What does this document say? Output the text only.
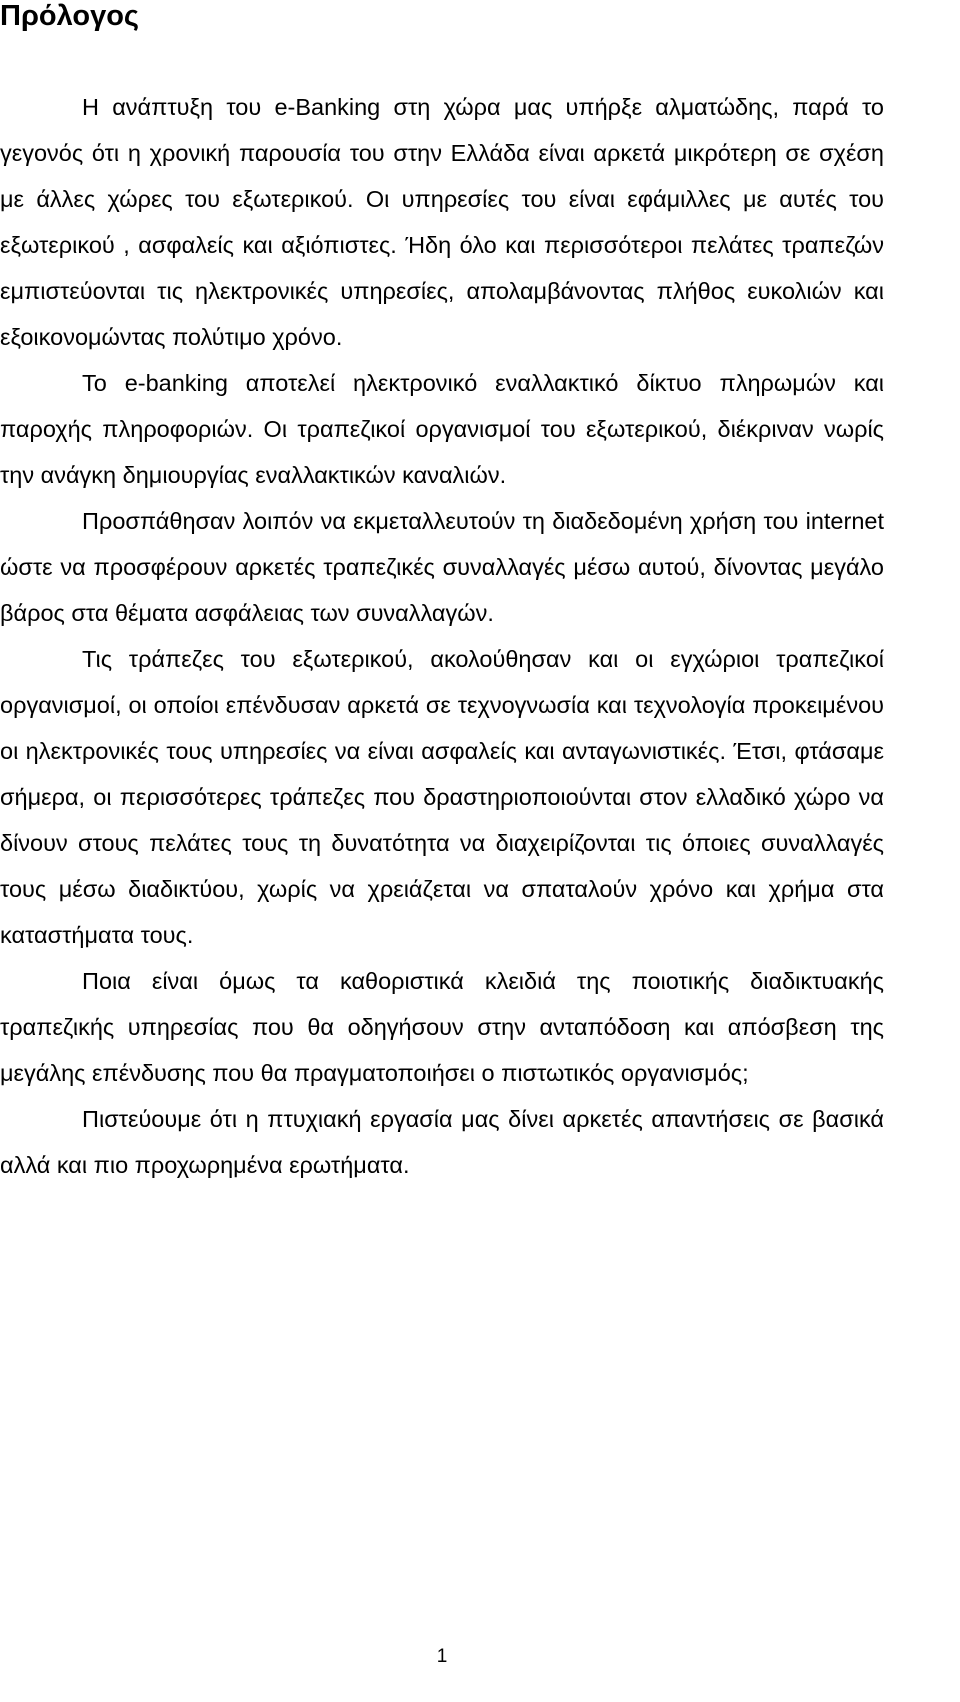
Πρόλογος

Η ανάπτυξη του e-Banking στη χώρα μας υπήρξε αλματώδης, παρά το γεγονός ότι η χρονική παρουσία του στην Ελλάδα είναι αρκετά μικρότερη σε σχέση με άλλες χώρες του εξωτερικού. Οι υπηρεσίες του είναι εφάμιλλες με αυτές του εξωτερικού , ασφαλείς και αξιόπιστες. Ήδη όλο και περισσότεροι πελάτες τραπεζών εμπιστεύονται τις ηλεκτρονικές υπηρεσίες, απολαμβάνοντας πλήθος ευκολιών και εξοικονομώντας πολύτιμο χρόνο.

Το e-banking αποτελεί ηλεκτρονικό εναλλακτικό δίκτυο πληρωμών και παροχής πληροφοριών. Οι τραπεζικοί οργανισμοί του εξωτερικού, διέκριναν νωρίς την ανάγκη δημιουργίας εναλλακτικών καναλιών.

Προσπάθησαν λοιπόν να εκμεταλλευτούν τη διαδεδομένη χρήση του internet ώστε να προσφέρουν αρκετές τραπεζικές συναλλαγές μέσω αυτού, δίνοντας μεγάλο βάρος στα θέματα ασφάλειας των συναλλαγών.

Τις τράπεζες του εξωτερικού, ακολούθησαν και οι εγχώριοι τραπεζικοί οργανισμοί, οι οποίοι επένδυσαν αρκετά σε τεχνογνωσία και τεχνολογία προκειμένου οι ηλεκτρονικές τους υπηρεσίες να είναι ασφαλείς και ανταγωνιστικές. Έτσι, φτάσαμε σήμερα, οι περισσότερες τράπεζες που δραστηριοποιούνται στον ελλαδικό χώρο να δίνουν στους πελάτες τους τη δυνατότητα να διαχειρίζονται τις όποιες συναλλαγές τους μέσω διαδικτύου, χωρίς να χρειάζεται να σπαταλούν χρόνο και χρήμα στα καταστήματα τους.

Ποια είναι όμως τα καθοριστικά κλειδιά της ποιοτικής διαδικτυακής τραπεζικής υπηρεσίας που θα οδηγήσουν στην ανταπόδοση και απόσβεση της μεγάλης επένδυσης που θα πραγματοποιήσει ο πιστωτικός οργανισμός;

Πιστεύουμε ότι η πτυχιακή εργασία μας δίνει αρκετές απαντήσεις σε βασικά αλλά και πιο προχωρημένα ερωτήματα.

1
